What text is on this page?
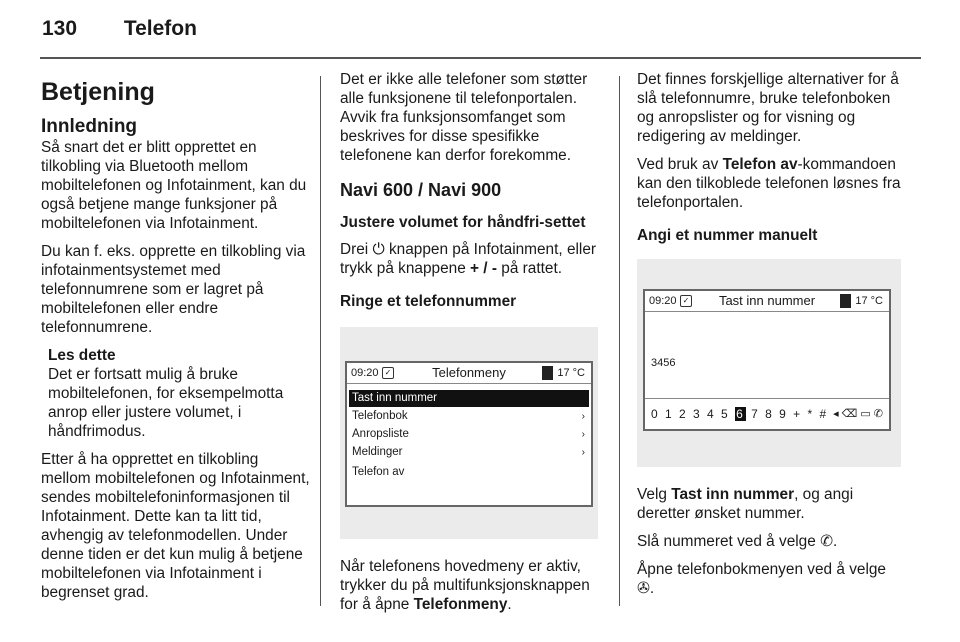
130 Telefon
Betjening
Innledning

Så snart det er blitt opprettet en tilkobling via Bluetooth mellom mobiltelefonen og Infotainment, kan du også betjene mange funksjoner på mobiltelefonen via Infotainment.

Du kan f. eks. opprette en tilkobling via infotainmentsystemet med telefonnumrene som er lagret på mobiltelefonen eller endre telefonnumrene.

Les dette
Det er fortsatt mulig å bruke mobiltelefonen, for eksempelmotta anrop eller justere volumet, i håndfrimodus.

Etter å ha opprettet en tilkobling mellom mobiltelefonen og Infotainment, sendes mobiltelefoninformasjonen til Infotainment. Dette kan ta litt tid, avhengig av telefonmodellen. Under denne tiden er det kun mulig å betjene mobiltelefonen via Infotainment i begrenset grad.

Det er ikke alle telefoner som støtter alle funksjonene til telefonportalen. Avvik fra funksjonsomfanget som beskrives for disse spesifikke telefonene kan derfor forekomme.

Navi 600 / Navi 900
Justere volumet for håndfri-settet

Drei ⏻ knappen på Infotainment, eller trykk på knappene + / - på rattet.

Ringe et telefonnummer
09:20 ✓	Telefonmeny	17 °C
Tast inn nummer
Telefonbok	›
Anropsliste	›
Meldinger	›
Telefon av

Når telefonens hovedmeny er aktiv, trykker du på multifunksjonsknappen for å åpne Telefonmeny.

Det finnes forskjellige alternativer for å slå telefonnumre, bruke telefonboken og anropslister og for visning og redigering av meldinger.

Ved bruk av Telefon av-kommandoen kan den tilkoblede telefonen løsnes fra telefonportalen.

Angi et nummer manuelt
09:20 ✓	Tast inn nummer	17 °C
3456
0 1 2 3 4 5 6 7 8 9 + * # ◂ ⌫ ▭ ✆

Velg Tast inn nummer, og angi deretter ønsket nummer.

Slå nummeret ved å velge ✆.

Åpne telefonbokmenyen ved å velge ✇.
